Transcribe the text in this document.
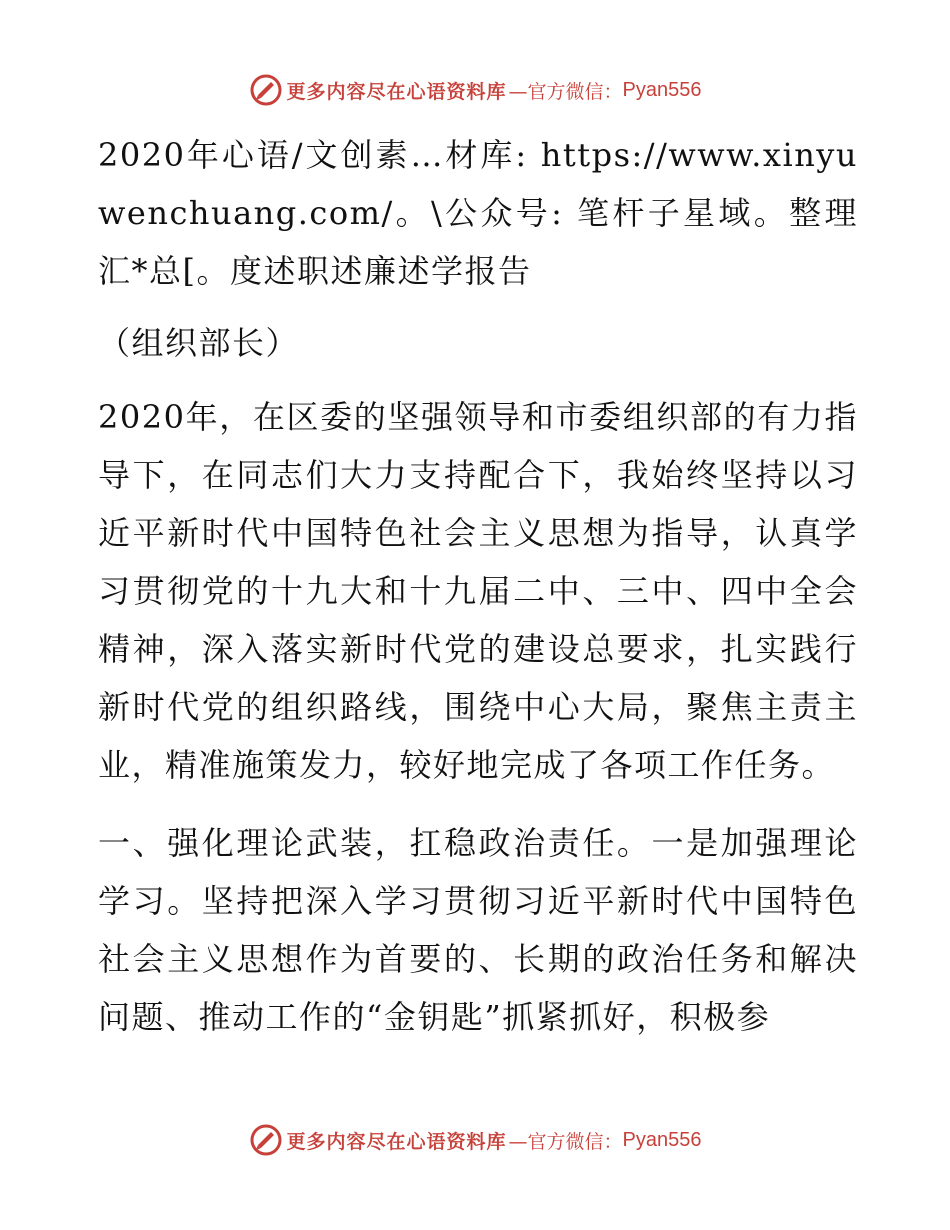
更多内容尽在心语资料库 —官方微信： Pyan556

2020年心语/文创素…材库: https://www.xinyuwenchuang.com/。\公众号: 笔杆子星域。整理汇*总[。度述职述廉述学报告

（组织部长）

2020年，在区委的坚强领导和市委组织部的有力指导下，在同志们大力支持配合下，我始终坚持以习近平新时代中国特色社会主义思想为指导，认真学习贯彻党的十九大和十九届二中、三中、四中全会精神，深入落实新时代党的建设总要求，扎实践行新时代党的组织路线，围绕中心大局，聚焦主责主业，精准施策发力，较好地完成了各项工作任务。

一、强化理论武装，扛稳政治责任。一是加强理论学习。坚持把深入学习贯彻习近平新时代中国特色社会主义思想作为首要的、长期的政治任务和解决问题、推动工作的“金钥匙”抓紧抓好，积极参

更多内容尽在心语资料库 —官方微信： Pyan556
